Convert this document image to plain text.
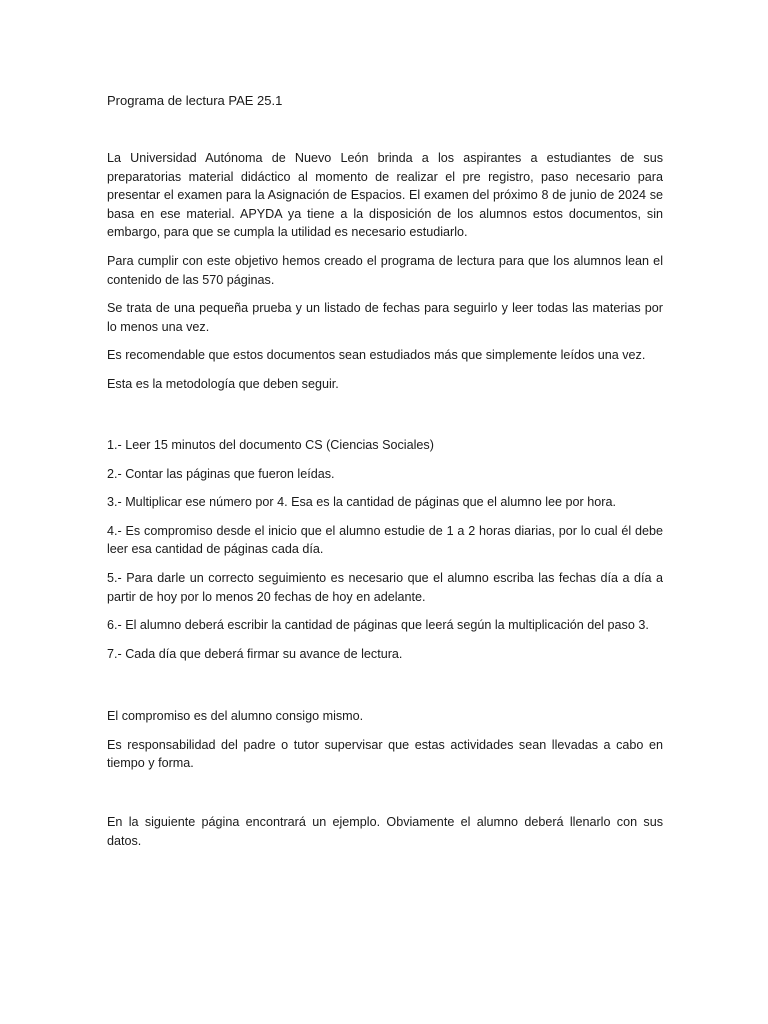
Programa de lectura PAE 25.1

La Universidad Autónoma de Nuevo León brinda a los aspirantes a estudiantes de sus preparatorias material didáctico al momento de realizar el pre registro, paso necesario para presentar el examen para la Asignación de Espacios. El examen del próximo 8 de junio de 2024 se basa en ese material. APYDA ya tiene a la disposición de los alumnos estos documentos, sin embargo, para que se cumpla la utilidad es necesario estudiarlo.

Para cumplir con este objetivo hemos creado el programa de lectura para que los alumnos lean el contenido de las 570 páginas.

Se trata de una pequeña prueba y un listado de fechas para seguirlo y leer todas las materias por lo menos una vez.

Es recomendable que estos documentos sean estudiados más que simplemente leídos una vez.

Esta es la metodología que deben seguir.

1.- Leer 15 minutos del documento CS (Ciencias Sociales)

2.- Contar las páginas que fueron leídas.

3.- Multiplicar ese número por 4. Esa es la cantidad de páginas que el alumno lee por hora.

4.- Es compromiso desde el inicio que el alumno estudie de 1 a 2 horas diarias, por lo cual él debe leer esa cantidad de páginas cada día.

5.- Para darle un correcto seguimiento es necesario que el alumno escriba las fechas día a día a partir de hoy por lo menos 20 fechas de hoy en adelante.

6.- El alumno deberá escribir la cantidad de páginas que leerá según la multiplicación del paso 3.

7.- Cada día que deberá firmar su avance de lectura.

El compromiso es del alumno consigo mismo.

Es responsabilidad del padre o tutor supervisar que estas actividades sean llevadas a cabo en tiempo y forma.

En la siguiente página encontrará un ejemplo. Obviamente el alumno deberá llenarlo con sus datos.
